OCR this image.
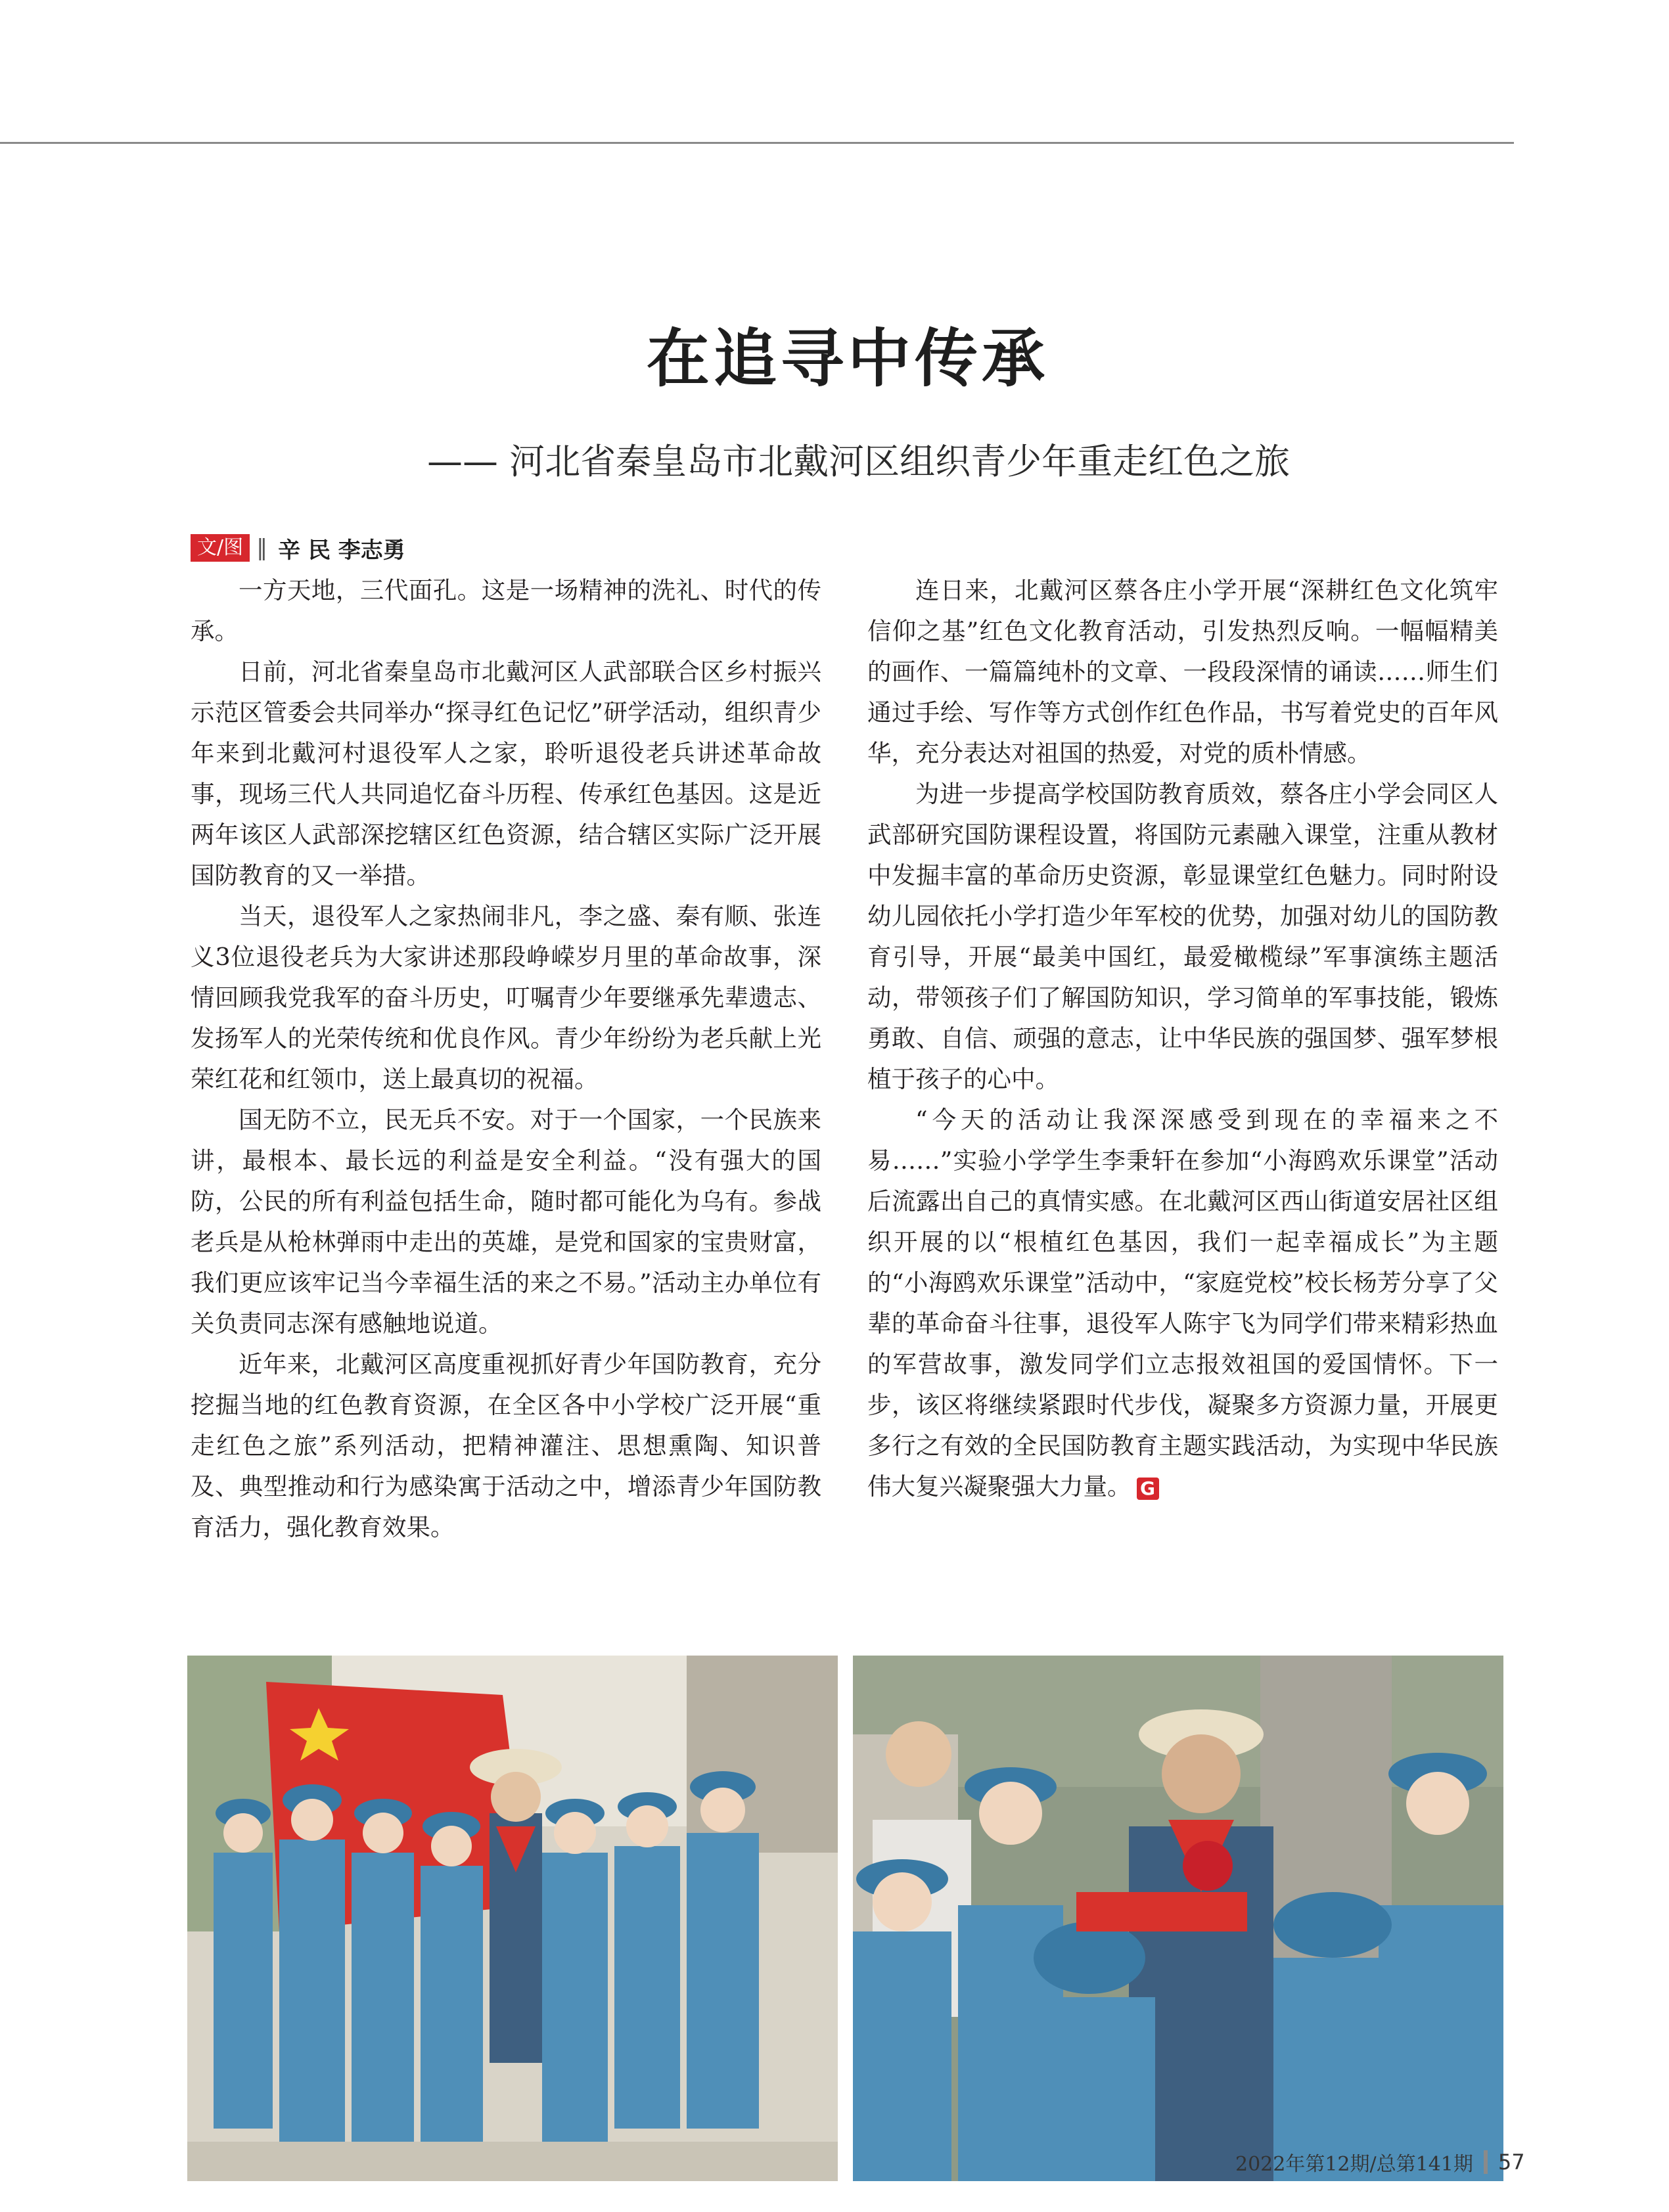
在追寻中传承
—— 河北省秦皇岛市北戴河区组织青少年重走红色之旅
文/图 ‖ 辛 民 李志勇

一方天地，三代面孔。这是一场精神的洗礼、时代的传承。

日前，河北省秦皇岛市北戴河区人武部联合区乡村振兴示范区管委会共同举办“探寻红色记忆”研学活动，组织青少年来到北戴河村退役军人之家，聆听退役老兵讲述革命故事，现场三代人共同追忆奋斗历程、传承红色基因。这是近两年该区人武部深挖辖区红色资源，结合辖区实际广泛开展国防教育的又一举措。

当天，退役军人之家热闹非凡，李之盛、秦有顺、张连义3位退役老兵为大家讲述那段峥嵘岁月里的革命故事，深情回顾我党我军的奋斗历史，叮嘱青少年要继承先辈遗志、发扬军人的光荣传统和优良作风。青少年纷纷为老兵献上光荣红花和红领巾，送上最真切的祝福。

国无防不立，民无兵不安。对于一个国家，一个民族来讲，最根本、最长远的利益是安全利益。“没有强大的国防，公民的所有利益包括生命，随时都可能化为乌有。参战老兵是从枪林弹雨中走出的英雄，是党和国家的宝贵财富，我们更应该牢记当今幸福生活的来之不易。”活动主办单位有关负责同志深有感触地说道。

近年来，北戴河区高度重视抓好青少年国防教育，充分挖掘当地的红色教育资源，在全区各中小学校广泛开展“重走红色之旅”系列活动，把精神灌注、思想熏陶、知识普及、典型推动和行为感染寓于活动之中，增添青少年国防教育活力，强化教育效果。

连日来，北戴河区蔡各庄小学开展“深耕红色文化筑牢信仰之基”红色文化教育活动，引发热烈反响。一幅幅精美的画作、一篇篇纯朴的文章、一段段深情的诵读……师生们通过手绘、写作等方式创作红色作品，书写着党史的百年风华，充分表达对祖国的热爱，对党的质朴情感。

为进一步提高学校国防教育质效，蔡各庄小学会同区人武部研究国防课程设置，将国防元素融入课堂，注重从教材中发掘丰富的革命历史资源，彰显课堂红色魅力。同时附设幼儿园依托小学打造少年军校的优势，加强对幼儿的国防教育引导，开展“最美中国红，最爱橄榄绿”军事演练主题活动，带领孩子们了解国防知识，学习简单的军事技能，锻炼勇敢、自信、顽强的意志，让中华民族的强国梦、强军梦根植于孩子的心中。

“今天的活动让我深深感受到现在的幸福来之不易……”实验小学学生李秉轩在参加“小海鸥欢乐课堂”活动后流露出自己的真情实感。在北戴河区西山街道安居社区组织开展的以“根植红色基因，我们一起幸福成长”为主题的“小海鸥欢乐课堂”活动中，“家庭党校”校长杨芳分享了父辈的革命奋斗往事，退役军人陈宇飞为同学们带来精彩热血的军营故事，激发同学们立志报效祖国的爱国情怀。下一步，该区将继续紧跟时代步伐，凝聚多方资源力量，开展更多行之有效的全民国防教育主题实践活动，为实现中华民族伟大复兴凝聚强大力量。 G

2022年第12期/总第141期 57
